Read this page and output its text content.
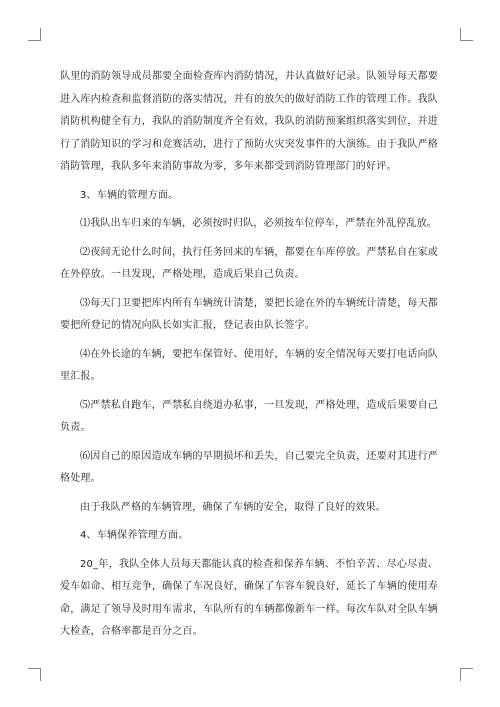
队里的消防领导成员都要全面检查库内消防情况，并认真做好记录。队领导每天都要进入库内检查和监督消防的落实情况，并有的放矢的做好消防工作的管理工作。我队消防机构健全有力，我队的消防制度齐全有效，我队的消防预案组织落实到位，并进行了消防知识的学习和竞赛活动，进行了预防火灾突发事件的大演练。由于我队严格消防管理，我队多年来消防事故为零，多年来都受到消防管理部门的好评。

3、车辆的管理方面。

⑴我队出车归来的车辆，必须按时归队，必须按车位停车，严禁在外乱停乱放。

⑵夜间无论什么时间，执行任务回来的车辆，都要在车库停放。严禁私自在家或在外停放。一旦发现，严格处理，造成后果自己负责。

⑶每天门卫要把库内所有车辆统计清楚，要把长途在外的车辆统计清楚，每天都要把所登记的情况向队长如实汇报，登记表由队长签字。

⑷在外长途的车辆，要把车保管好、使用好，车辆的安全情况每天要打电话向队里汇报。

⑸严禁私自跑车，严禁私自绕道办私事，一旦发现，严格处理，造成后果要自己负责。

⑹因自己的原因造成车辆的早期损坏和丢失，自己要完全负责，还要对其进行严格处理。

由于我队严格的车辆管理，确保了车辆的安全，取得了良好的效果。

4、车辆保养管理方面。

20_年，我队全体人员每天都能认真的检查和保养车辆、不怕辛苦、尽心尽责、爱车如命、相互竞争，确保了车况良好，确保了车容车貌良好，延长了车辆的使用寿命，满足了领导及时用车需求，车队所有的车辆都像新车一样。每次车队对全队车辆大检查，合格率都是百分之百。
